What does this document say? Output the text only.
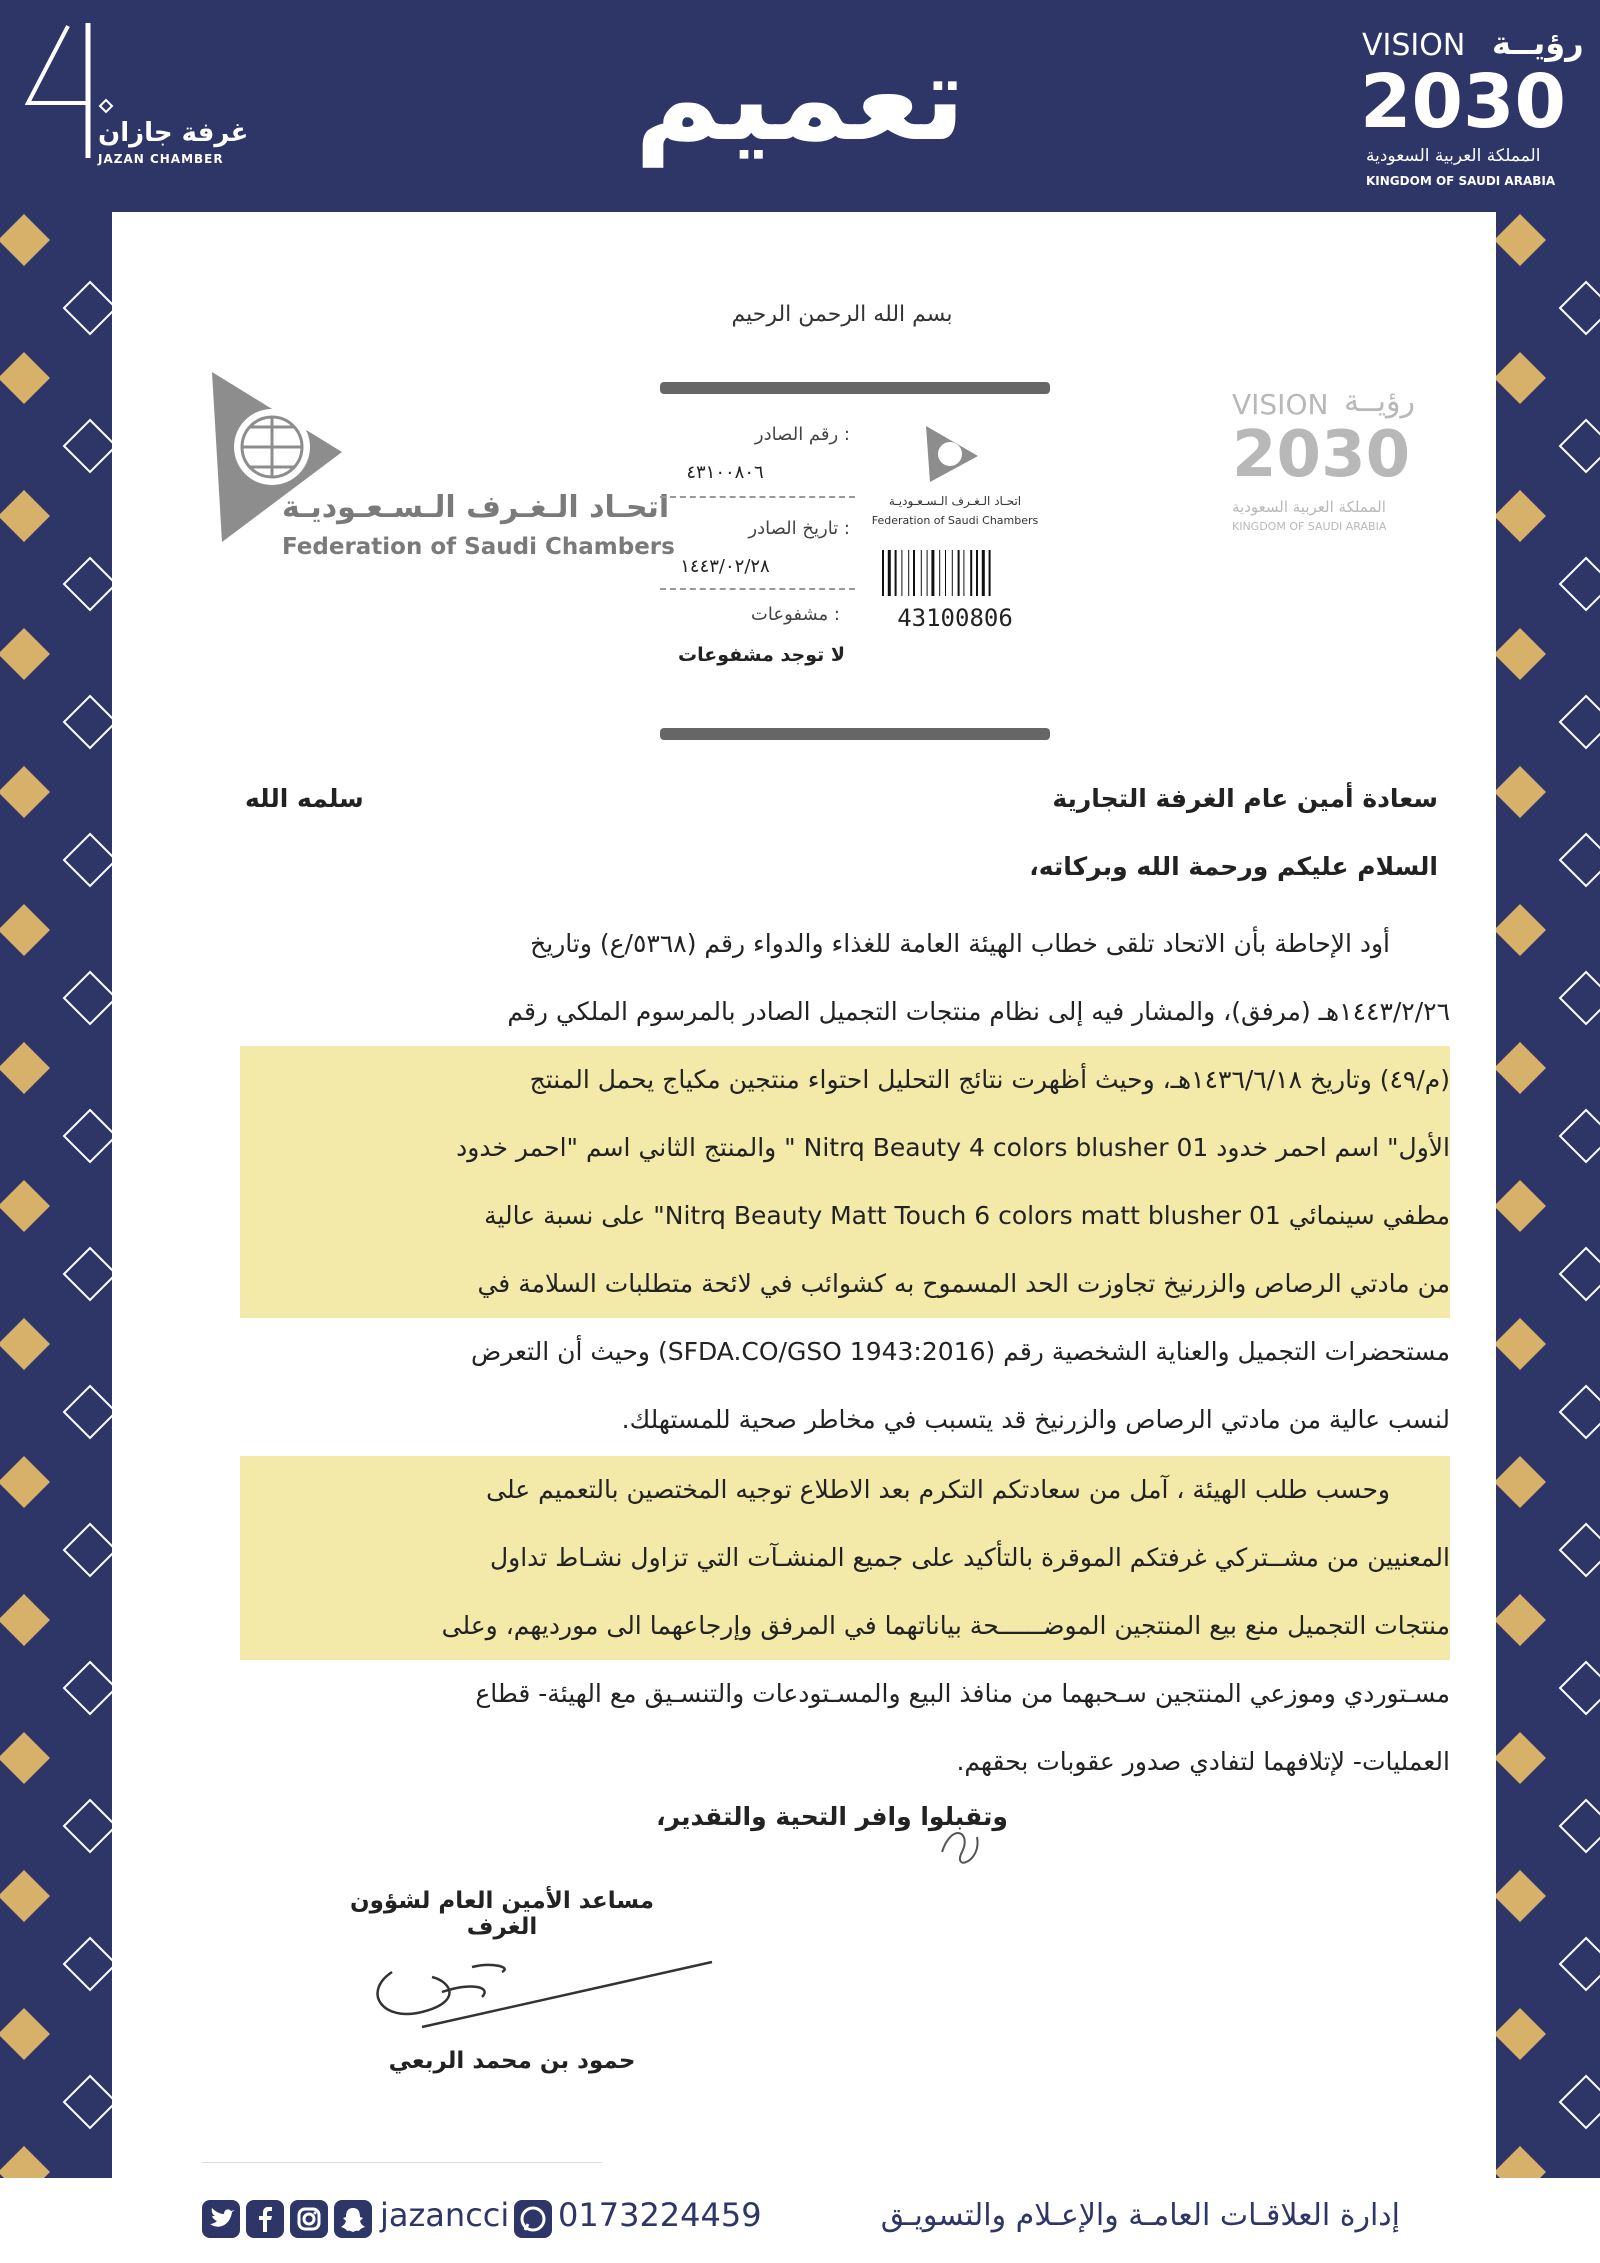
تعميم
غرفة جازان
JAZAN CHAMBER
VISION رؤيــة
2030
المملكة العربية السعودية
KINGDOM OF SAUDI ARABIA
بسم الله الرحمن الرحيم
اتحـاد الـغـرف الـسـعـوديـة
Federation of Saudi Chambers
رقم الصادر :
٤٣١٠٠٨٠٦
تاريخ الصادر :
١٤٤٣/٠٢/٢٨
مشفوعات :
لا توجد مشفوعات
اتحـاد الـغـرف الـسـعـوديـة
Federation of Saudi Chambers
43100806
VISION رؤيــة
2030
المملكة العربية السعودية
KINGDOM OF SAUDI ARABIA
سعادة أمين عام الغرفة التجارية
سلمه الله
السلام عليكم ورحمة الله وبركاته،

أود الإحاطة بأن الاتحاد تلقى خطاب الهيئة العامة للغذاء والدواء رقم (٥٣٦٨/ع) وتاريخ

١٤٤٣/٢/٢٦هـ (مرفق)، والمشار فيه إلى نظام منتجات التجميل الصادر بالمرسوم الملكي رقم

(م/٤٩) وتاريخ ١٤٣٦/٦/١٨هـ، وحيث أظهرت نتائج التحليل احتواء منتجين مكياج يحمل المنتج

الأول" اسم احمر خدود Nitrq Beauty 4 colors blusher 01 " والمنتج الثاني اسم "احمر خدود

مطفي سينمائي Nitrq Beauty Matt Touch 6 colors matt blusher 01" على نسبة عالية

من مادتي الرصاص والزرنيخ تجاوزت الحد المسموح به كشوائب في لائحة متطلبات السلامة في

مستحضرات التجميل والعناية الشخصية رقم (SFDA.CO/GSO 1943:2016) وحيث أن التعرض

لنسب عالية من مادتي الرصاص والزرنيخ قد يتسبب في مخاطر صحية للمستهلك.

وحسب طلب الهيئة ، آمل من سعادتكم التكرم بعد الاطلاع توجيه المختصين بالتعميم على

المعنيين من مشــتركي غرفتكم الموقرة بالتأكيد على جميع المنشـآت التي تزاول نشـاط تداول

منتجات التجميل منع بيع المنتجين الموضــــــحة بياناتهما في المرفق وإرجاعهما الى موردیهم، وعلى

مسـتوردي وموزعي المنتجين سـحبهما من منافذ البيع والمسـتودعات والتنسـيق مع الهيئة- قطاع

العمليات- لإتلافهما لتفادي صدور عقوبات بحقهم.

وتقبلوا وافر التحية والتقدير،
مساعد الأمين العام لشؤون الغرف
حمود بن محمد الربعي
إدارة العلاقـات العامـة والإعـلام والتسويـق
0173224459
jazancci
